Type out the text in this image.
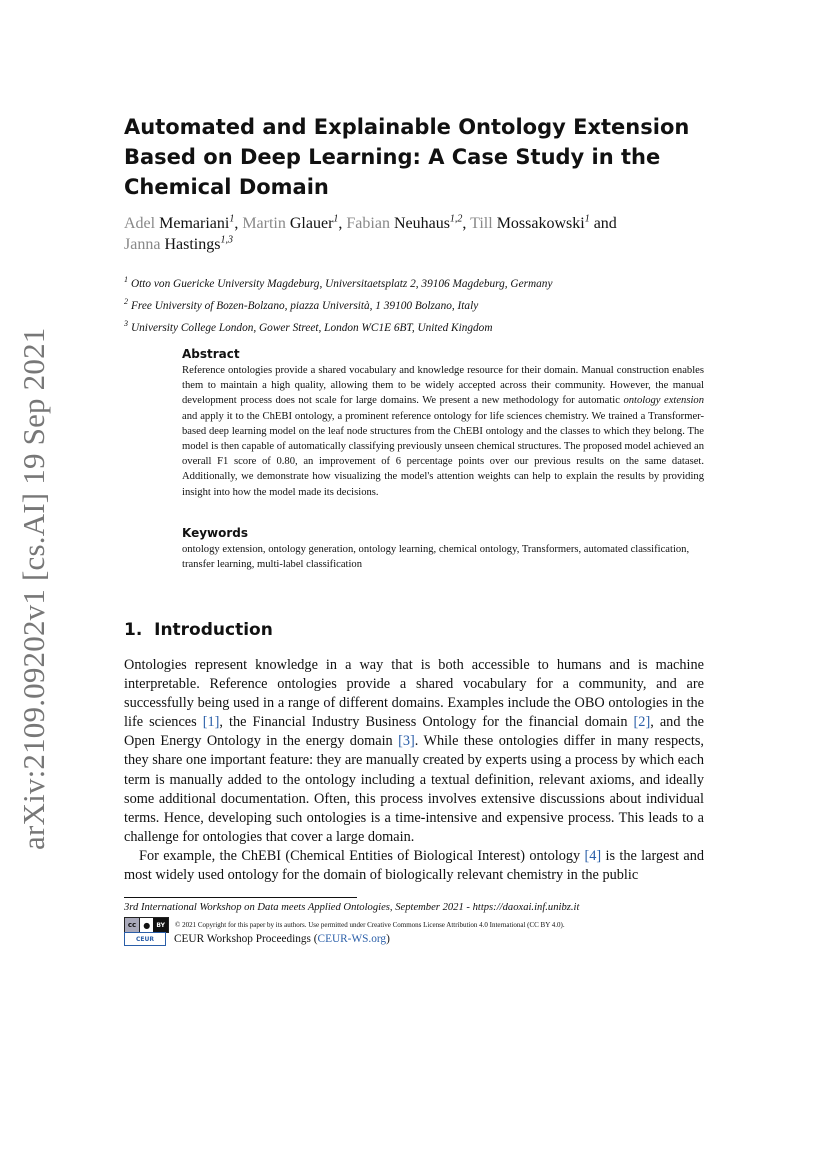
arXiv:2109.09202v1 [cs.AI] 19 Sep 2021
Automated and Explainable Ontology Extension Based on Deep Learning: A Case Study in the Chemical Domain
Adel Memariani$^1$, Martin Glauer$^1$, Fabian Neuhaus$^{1,2}$, Till Mossakowski$^1$ and
Janna Hastings$^{1,3}$
$^1$ Otto von Guericke University Magdeburg, Universitaetsplatz 2, 39106 Magdeburg, Germany
$^2$ Free University of Bozen-Bolzano, piazza Università, 1 39100 Bolzano, Italy
$^3$ University College London, Gower Street, London WC1E 6BT, United Kingdom
Abstract
Reference ontologies provide a shared vocabulary and knowledge resource for their domain. Manual construction enables them to maintain a high quality, allowing them to be widely accepted across their community. However, the manual development process does not scale for large domains. We present a new methodology for automatic ontology extension and apply it to the ChEBI ontology, a prominent reference ontology for life sciences chemistry. We trained a Transformer-based deep learning model on the leaf node structures from the ChEBI ontology and the classes to which they belong. The model is then capable of automatically classifying previously unseen chemical structures. The proposed model achieved an overall F1 score of 0.80, an improvement of 6 percentage points over our previous results on the same dataset. Additionally, we demonstrate how visualizing the model's attention weights can help to explain the results by providing insight into how the model made its decisions.
Keywords
ontology extension, ontology generation, ontology learning, chemical ontology, Transformers, automated classification, transfer learning, multi-label classification
1.  Introduction

Ontologies represent knowledge in a way that is both accessible to humans and is machine interpretable. Reference ontologies provide a shared vocabulary for a community, and are successfully being used in a range of different domains. Examples include the OBO ontologies in the life sciences [1], the Financial Industry Business Ontology for the financial domain [2], and the Open Energy Ontology in the energy domain [3]. While these ontologies differ in many respects, they share one important feature: they are manually created by experts using a process by which each term is manually added to the ontology including a textual definition, relevant axioms, and ideally some additional documentation. Often, this process involves extensive discussions about individual terms. Hence, developing such ontologies is a time-intensive and expensive process. This leads to a challenge for ontologies that cover a large domain.

For example, the ChEBI (Chemical Entities of Biological Interest) ontology [4] is the largest and most widely used ontology for the domain of biologically relevant chemistry in the public

3rd International Workshop on Data meets Applied Ontologies, September 2021 - https://daoxai.inf.unibz.it
cc ●	BY	© 2021 Copyright for this paper by its authors. Use permitted under Creative Commons License Attribution 4.0 International (CC BY 4.0).
CEUR	CEUR Workshop Proceedings (CEUR-WS.org)
